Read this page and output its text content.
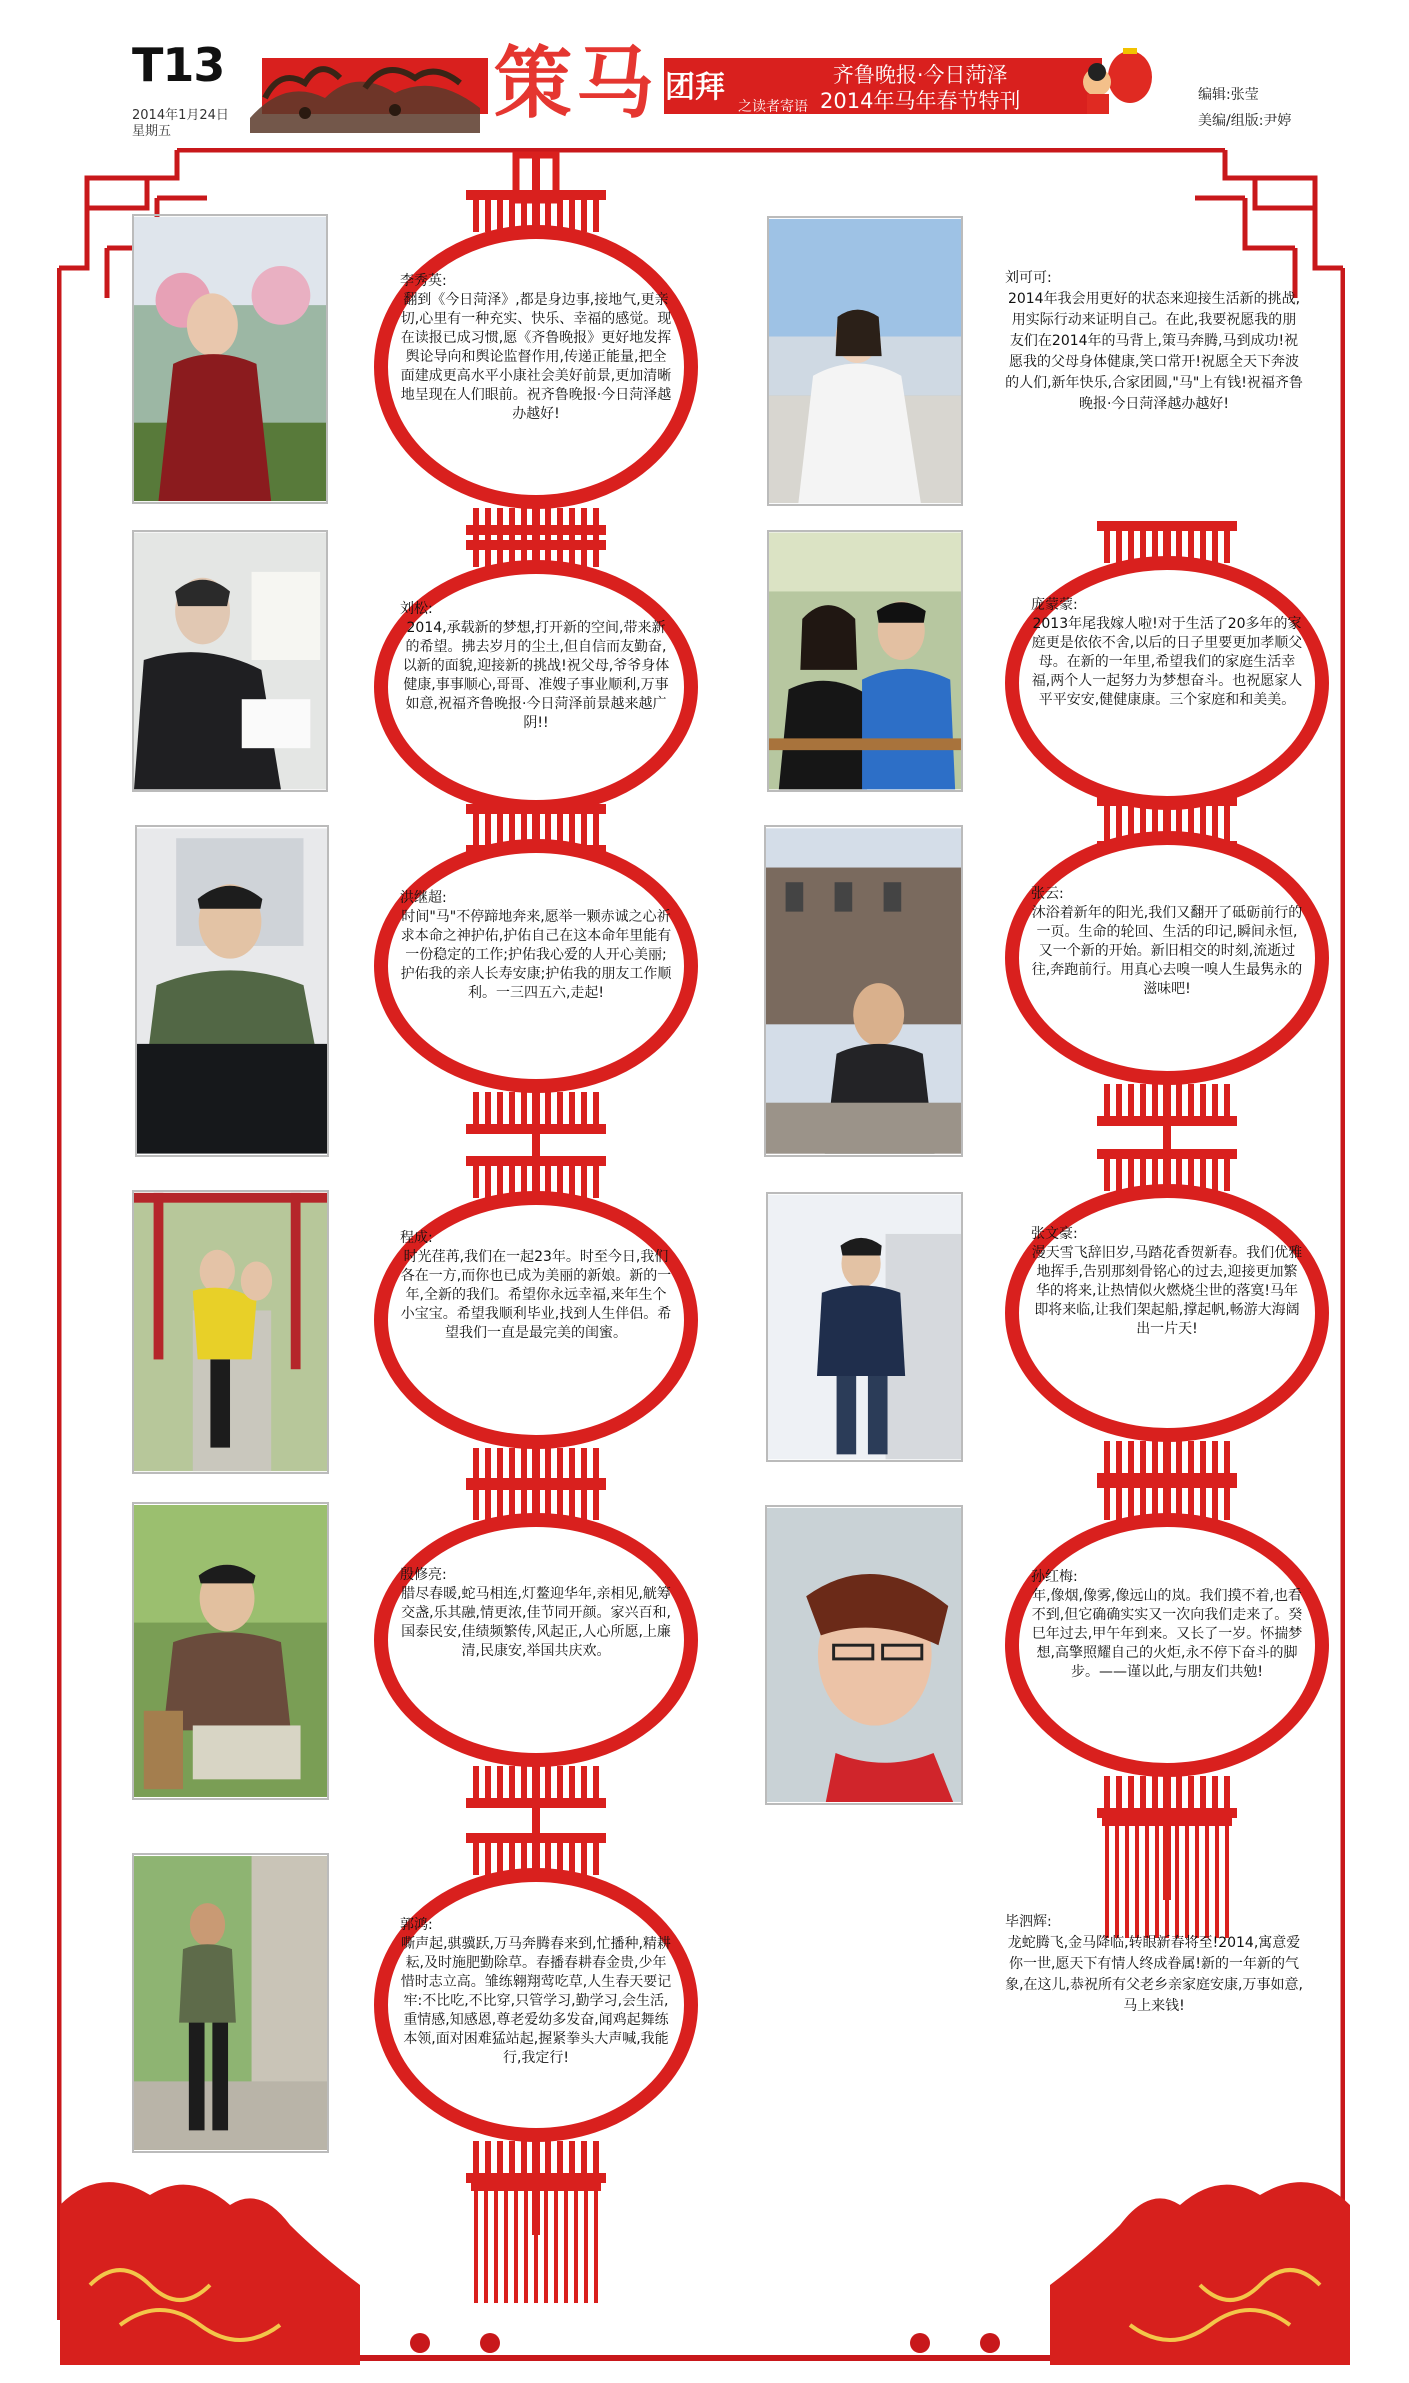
T13
2014年1月24日
星期五
策马 团拜
之读者寄语
齐鲁晚报·今日菏泽
2014年马年春节特刊	编辑:张莹
美编/组版:尹婷
李秀英:
翻到《今日菏泽》,都是身边事,接地气,更亲切,心里有一种充实、快乐、幸福的感觉。现在读报已成习惯,愿《齐鲁晚报》更好地发挥舆论导向和舆论监督作用,传递正能量,把全面建成更高水平小康社会美好前景,更加清晰地呈现在人们眼前。祝齐鲁晚报·今日菏泽越办越好!
刘可可:
2014年我会用更好的状态来迎接生活新的挑战,用实际行动来证明自己。在此,我要祝愿我的朋友们在2014年的马背上,策马奔腾,马到成功!祝愿我的父母身体健康,笑口常开!祝愿全天下奔波的人们,新年快乐,合家团圆,"马"上有钱!祝福齐鲁晚报·今日菏泽越办越好!
刘松:
2014,承载新的梦想,打开新的空间,带来新的希望。拂去岁月的尘土,但自信而友勤奋,以新的面貌,迎接新的挑战!祝父母,爷爷身体健康,事事顺心,哥哥、准嫂子事业顺利,万事如意,祝福齐鲁晚报·今日菏泽前景越来越广阴!!
庞蒙蒙:
2013年尾我嫁人啦!对于生活了20多年的家庭更是依依不舍,以后的日子里要更加孝顺父母。在新的一年里,希望我们的家庭生活幸福,两个人一起努力为梦想奋斗。也祝愿家人平平安安,健健康康。三个家庭和和美美。
洪继超:
时间"马"不停蹄地奔来,愿举一颗赤诚之心祈求本命之神护佑,护佑自己在这本命年里能有一份稳定的工作;护佑我心爱的人开心美丽;护佑我的亲人长寿安康;护佑我的朋友工作顺利。一三四五六,走起!
张云:
沐浴着新年的阳光,我们又翻开了砥砺前行的一页。生命的轮回、生活的印记,瞬间永恒,又一个新的开始。新旧相交的时刻,流逝过往,奔跑前行。用真心去嗅一嗅人生最隽永的滋味吧!
程成:
时光荏苒,我们在一起23年。时至今日,我们各在一方,而你也已成为美丽的新娘。新的一年,全新的我们。希望你永远幸福,来年生个小宝宝。希望我顺利毕业,找到人生伴侣。希望我们一直是最完美的闺蜜。
张文豪:
漫天雪飞辞旧岁,马踏花香贺新春。我们优雅地挥手,告别那刻骨铭心的过去,迎接更加繁华的将来,让热情似火燃烧尘世的落寞!马年即将来临,让我们架起船,撑起帆,畅游大海阔出一片天!
殷修亮:
腊尽春暖,蛇马相连,灯鳌迎华年,亲相见,觥筹交盏,乐其融,情更浓,佳节同开颜。家兴百和,国泰民安,佳绩频繁传,风起正,人心所愿,上廉清,民康安,举国共庆欢。
孙红梅:
年,像烟,像雾,像远山的岚。我们摸不着,也看不到,但它确确实实又一次向我们走来了。癸巳年过去,甲午年到来。又长了一岁。怀揣梦想,高擎照耀自己的火炬,永不停下奋斗的脚步。——谨以此,与朋友们共勉!
郭鸿:
嘶声起,骐骥跃,万马奔腾春来到,忙播种,精耕耘,及时施肥勤除草。春播春耕春金贵,少年惜时志立高。雏练翱翔莺吃草,人生春天要记牢:不比吃,不比穿,只管学习,勤学习,会生活,重情感,知感恩,尊老爱幼多发奋,闻鸡起舞练本领,面对困难猛站起,握紧拳头大声喊,我能行,我定行!
毕泗辉:
龙蛇腾飞,金马降临,转眼新春将至!2014,寓意爱你一世,愿天下有情人终成眷属!新的一年新的气象,在这儿,恭祝所有父老乡亲家庭安康,万事如意,马上来钱!
